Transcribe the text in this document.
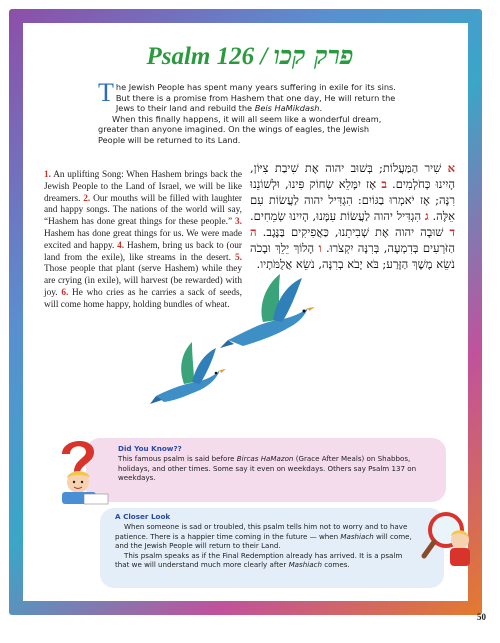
Psalm 126 / פרק קכו

The Jewish People has spent many years suffering in exile for its sins. But there is a promise from Hashem that one day, He will return the Jews to their land and rebuild the Beis HaMikdash.

When this finally happens, it will all seem like a wonderful dream, greater than anyone imagined. On the wings of eagles, the Jewish People will be returned to its Land.

1. An uplifting Song: When Hashem brings back the Jewish People to the Land of Israel, we will be like dreamers. 2. Our mouths will be filled with laughter and happy songs. The nations of the world will say, “Hashem has done great things for these people.” 3. Hashem has done great things for us. We were made excited and happy. 4. Hashem, bring us back to (our land from the exile), like streams in the desert. 5. Those people that plant (serve Hashem) while they are crying (in exile), will harvest (be rewarded) with joy. 6. He who cries as he carries a sack of seeds, will come home happy, holding bundles of wheat.
א שִׁיר הַמַּעֲלוֹת; בְּשׁוּב יהוה אֶת שִׁיבַת צִיּוֹן, הָיִינוּ כְּחֹלְמִים. ב אָז יִמָּלֵא שְׂחוֹק פִּינוּ, וּלְשׁוֹנֵנוּ רִנָּה; אָז יֹאמְרוּ בַגּוֹיִם: הִגְדִּיל יהוה לַעֲשׂוֹת עִם אֵלֶּה. ג הִגְדִּיל יהוה לַעֲשׂוֹת עִמָּנוּ, הָיִינוּ שְׂמֵחִים. ד שׁוּבָה יהוה אֶת שְׁבִיתֵנוּ, כַּאֲפִיקִים בַּנֶּגֶב. ה הַזֹּרְעִים בְּדִמְעָה, בְּרִנָּה יִקְצֹרוּ. ו הָלוֹךְ יֵלֵךְ וּבָכֹה נֹשֵׂא מֶשֶׁךְ הַזָּרַע; בֹּא יָבֹא בְרִנָּה, נֹשֵׂא אֲלֻמֹּתָיו.
Did You Know??
This famous psalm is said before Bircas HaMazon (Grace After Meals) on Shabbos, holidays, and other times. Some say it even on weekdays. Others say Psalm 137 on weekdays.
A Closer Look

When someone is sad or troubled, this psalm tells him not to worry and to have patience. There is a happier time coming in the future — when Mashiach will come, and the Jewish People will return to their Land.

This psalm speaks as if the Final Redemption already has arrived. It is a psalm that we will understand much more clearly after Mashiach comes.

50
